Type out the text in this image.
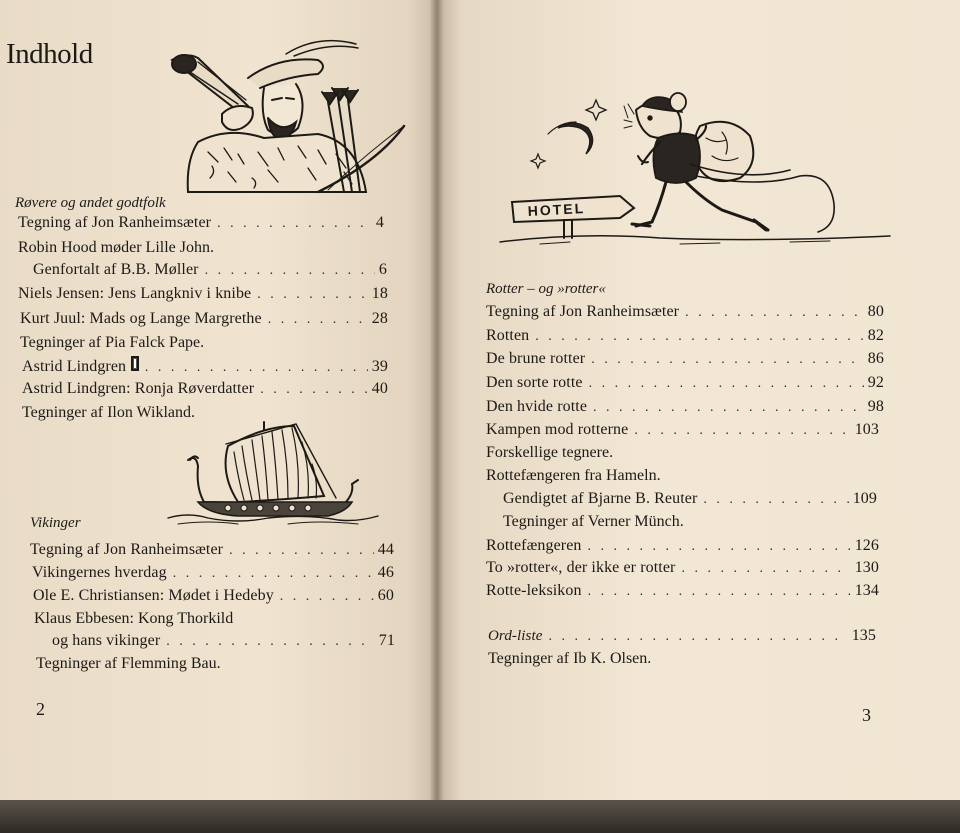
Indhold
Røvere og andet godtfolk
Tegning af Jon Ranheimsæter . . .	4
Robin Hood møder Lille John.
Genfortalt af B.B. Møller . . .	6
Niels Jensen: Jens Langkniv i knibe . . .	18
Kurt Juul: Mads og Lange Margrethe . . .	28
Tegninger af Pia Falck Pape.
Astrid Lindgren . . .	39
Astrid Lindgren: Ronja Røverdatter . . .	40
Tegninger af Ilon Wikland.
Vikinger
Tegning af Jon Ranheimsæter . . .	44
Vikingernes hverdag . . .	46
Ole E. Christiansen: Mødet i Hedeby . . .	60
Klaus Ebbesen: Kong Thorkild
og hans vikinger . . .	71
Tegninger af Flemming Bau.
2
HOTEL
Rotter – og »rotter«
Tegning af Jon Ranheimsæter . . .	80
Rotten . . .	82
De brune rotter . . .	86
Den sorte rotte . . .	92
Den hvide rotte . . .	98
Kampen mod rotterne . . .	103
Forskellige tegnere.
Rottefængeren fra Hameln.
Gendigtet af Bjarne B. Reuter . . .	109
Tegninger af Verner Münch.
Rottefængeren . . .	126
To »rotter«, der ikke er rotter . . .	130
Rotte-leksikon . . .	134
Ord-liste . . .	135
Tegninger af Ib K. Olsen.
3
